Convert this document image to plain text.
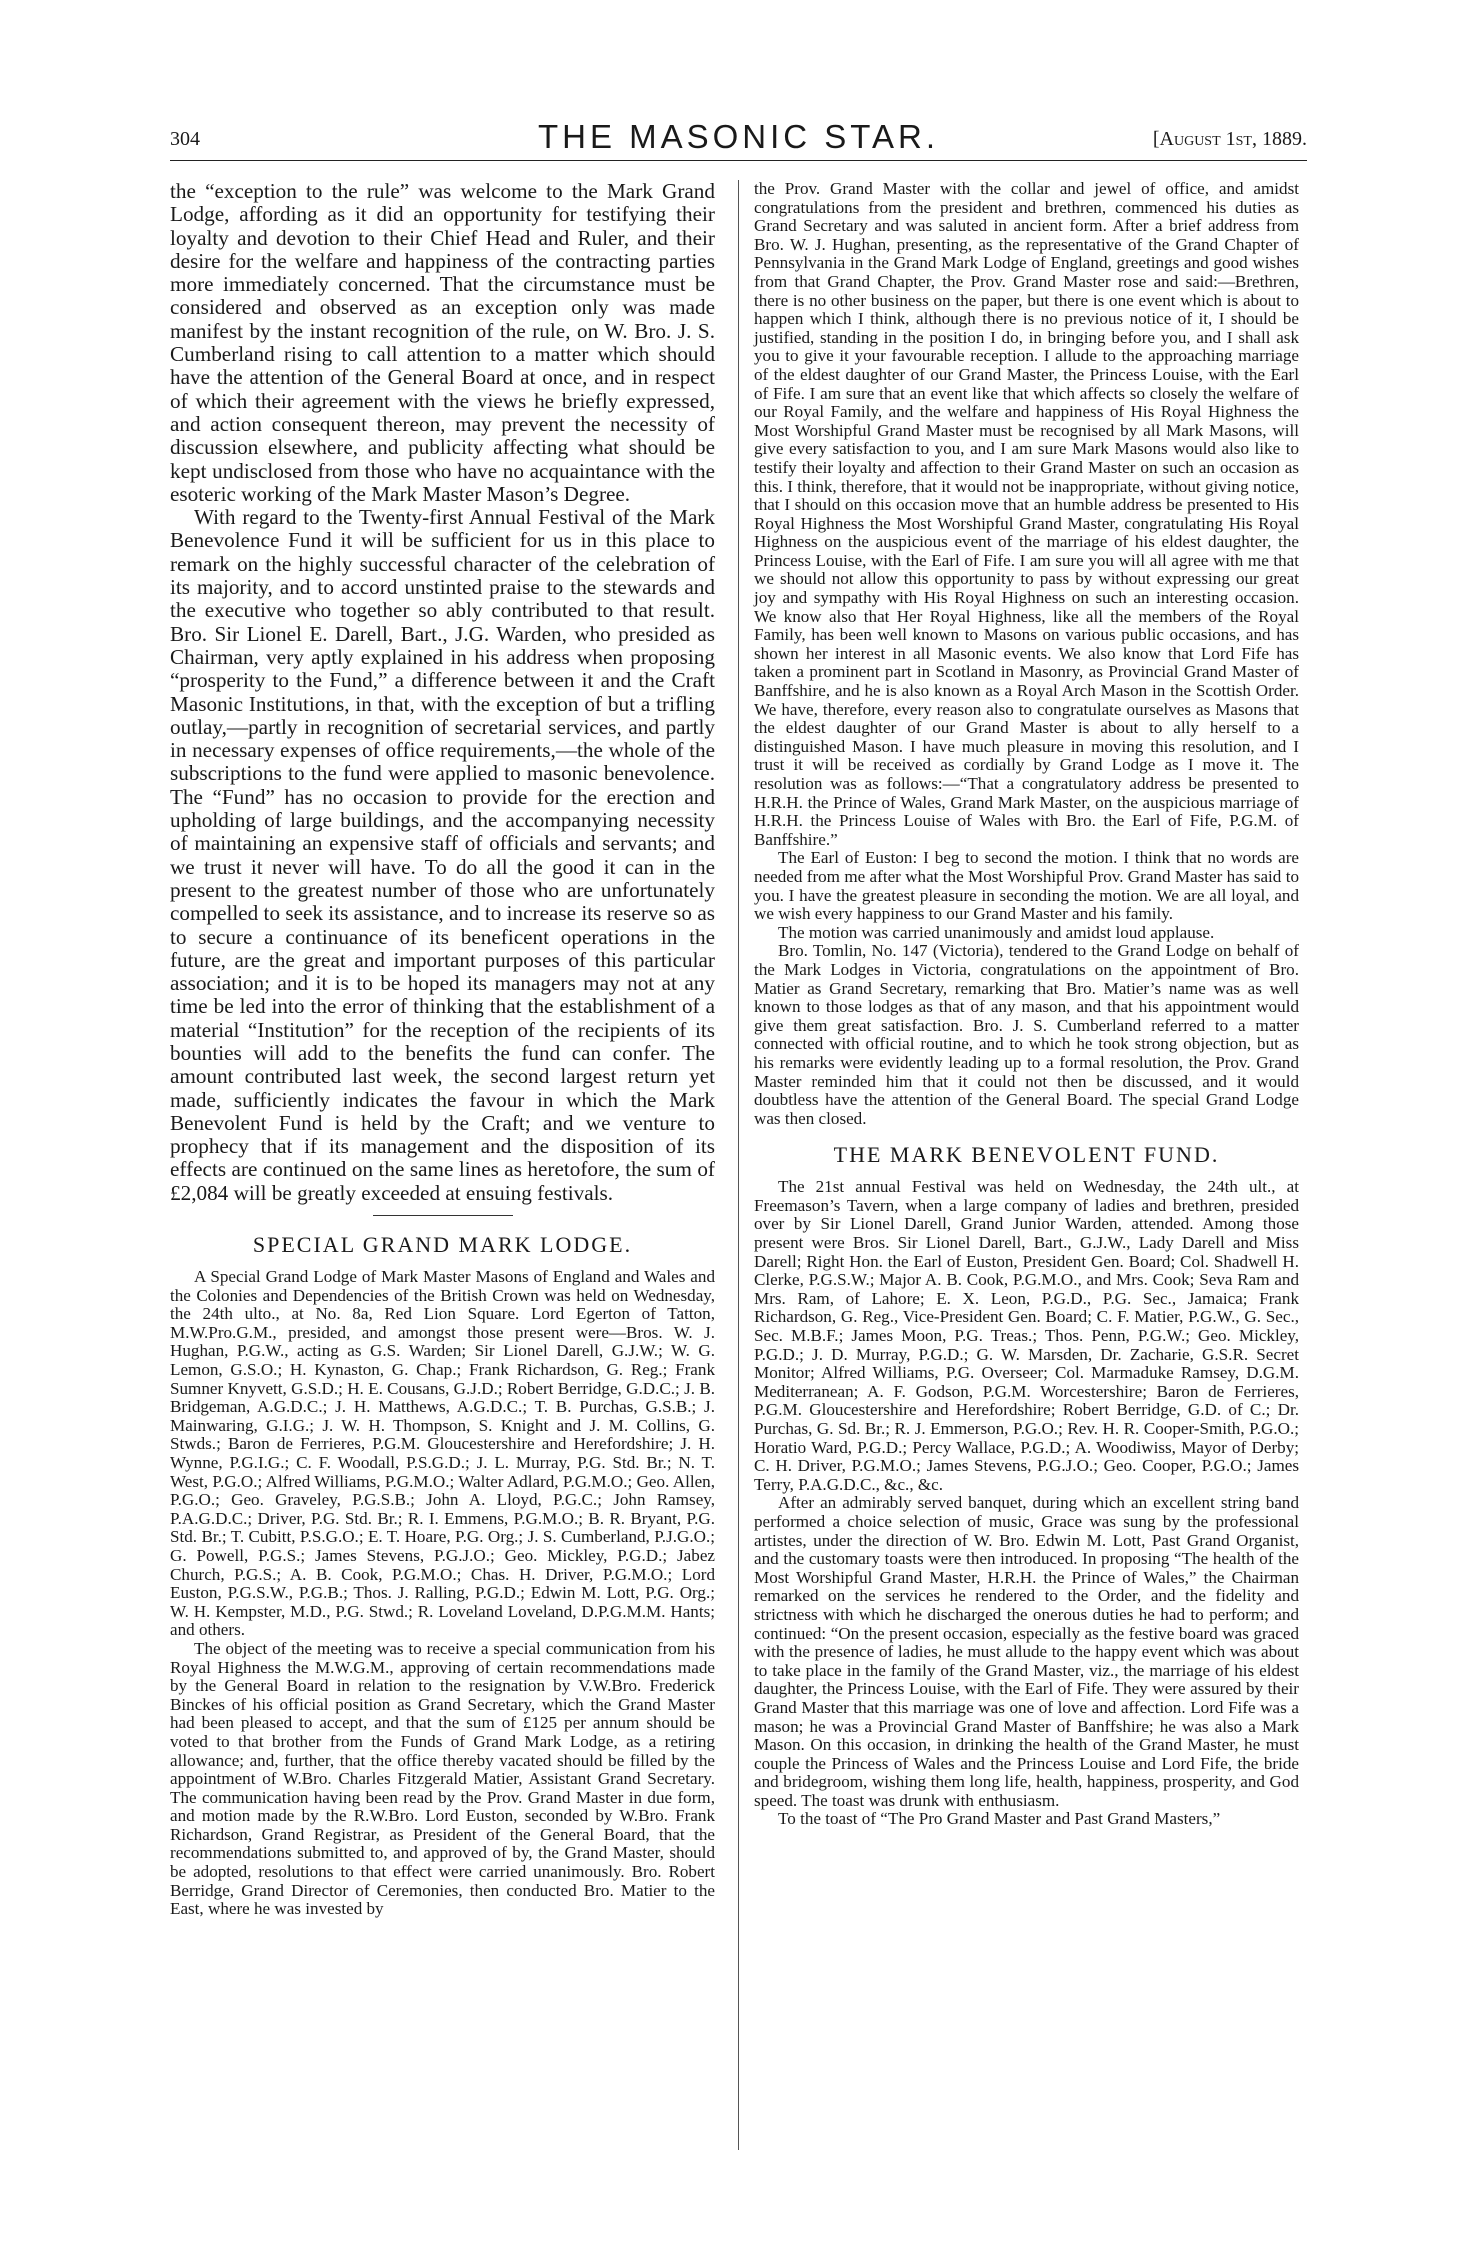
304	THE MASONIC STAR.	[August 1st, 1889.

the “exception to the rule” was welcome to the Mark Grand Lodge, affording as it did an opportunity for testifying their loyalty and devotion to their Chief Head and Ruler, and their desire for the welfare and happiness of the contracting parties more immediately concerned. That the circumstance must be considered and observed as an exception only was made manifest by the instant recognition of the rule, on W. Bro. J. S. Cumberland rising to call attention to a matter which should have the attention of the General Board at once, and in respect of which their agreement with the views he briefly expressed, and action consequent thereon, may prevent the necessity of discussion elsewhere, and publicity affecting what should be kept undisclosed from those who have no acquaintance with the esoteric working of the Mark Master Mason’s Degree.

With regard to the Twenty-first Annual Festival of the Mark Benevolence Fund it will be sufficient for us in this place to remark on the highly successful character of the celebration of its majority, and to accord unstinted praise to the stewards and the executive who together so ably contributed to that result. Bro. Sir Lionel E. Darell, Bart., J.G. Warden, who presided as Chairman, very aptly explained in his address when proposing “prosperity to the Fund,” a difference between it and the Craft Masonic Institutions, in that, with the exception of but a trifling outlay,—partly in recognition of secretarial services, and partly in necessary expenses of office requirements,—the whole of the subscriptions to the fund were applied to masonic benevolence. The “Fund” has no occasion to provide for the erection and upholding of large buildings, and the accompanying necessity of maintaining an expensive staff of officials and servants; and we trust it never will have. To do all the good it can in the present to the greatest number of those who are unfortunately compelled to seek its assistance, and to increase its reserve so as to secure a continuance of its beneficent operations in the future, are the great and important purposes of this particular association; and it is to be hoped its managers may not at any time be led into the error of thinking that the establishment of a material “Institution” for the reception of the recipients of its bounties will add to the benefits the fund can confer. The amount contributed last week, the second largest return yet made, sufficiently indicates the favour in which the Mark Benevolent Fund is held by the Craft; and we venture to prophecy that if its management and the disposition of its effects are continued on the same lines as heretofore, the sum of £2,084 will be greatly exceeded at ensuing festivals.

SPECIAL GRAND MARK LODGE.

A Special Grand Lodge of Mark Master Masons of England and Wales and the Colonies and Dependencies of the British Crown was held on Wednesday, the 24th ulto., at No. 8a, Red Lion Square. Lord Egerton of Tatton, M.W.Pro.G.M., presided, and amongst those present were—Bros. W. J. Hughan, P.G.W., acting as G.S. Warden; Sir Lionel Darell, G.J.W.; W. G. Lemon, G.S.O.; H. Kynaston, G. Chap.; Frank Richardson, G. Reg.; Frank Sumner Knyvett, G.S.D.; H. E. Cousans, G.J.D.; Robert Berridge, G.D.C.; J. B. Bridgeman, A.G.D.C.; J. H. Matthews, A.G.D.C.; T. B. Purchas, G.S.B.; J. Mainwaring, G.I.G.; J. W. H. Thompson, S. Knight and J. M. Collins, G. Stwds.; Baron de Ferrieres, P.G.M. Gloucestershire and Herefordshire; J. H. Wynne, P.G.I.G.; C. F. Woodall, P.S.G.D.; J. L. Murray, P.G. Std. Br.; N. T. West, P.G.O.; Alfred Williams, P.G.M.O.; Walter Adlard, P.G.M.O.; Geo. Allen, P.G.O.; Geo. Graveley, P.G.S.B.; John A. Lloyd, P.G.C.; John Ramsey, P.A.G.D.C.; Driver, P.G. Std. Br.; R. I. Emmens, P.G.M.O.; B. R. Bryant, P.G. Std. Br.; T. Cubitt, P.S.G.O.; E. T. Hoare, P.G. Org.; J. S. Cumberland, P.J.G.O.; G. Powell, P.G.S.; James Stevens, P.G.J.O.; Geo. Mickley, P.G.D.; Jabez Church, P.G.S.; A. B. Cook, P.G.M.O.; Chas. H. Driver, P.G.M.O.; Lord Euston, P.G.S.W., P.G.B.; Thos. J. Ralling, P.G.D.; Edwin M. Lott, P.G. Org.; W. H. Kempster, M.D., P.G. Stwd.; R. Loveland Loveland, D.P.G.M.M. Hants; and others.

The object of the meeting was to receive a special communication from his Royal Highness the M.W.G.M., approving of certain recommendations made by the General Board in relation to the resignation by V.W.Bro. Frederick Binckes of his official position as Grand Secretary, which the Grand Master had been pleased to accept, and that the sum of £125 per annum should be voted to that brother from the Funds of Grand Mark Lodge, as a retiring allowance; and, further, that the office thereby vacated should be filled by the appointment of W.Bro. Charles Fitzgerald Matier, Assistant Grand Secretary. The communication having been read by the Prov. Grand Master in due form, and motion made by the R.W.Bro. Lord Euston, seconded by W.Bro. Frank Richardson, Grand Registrar, as President of the General Board, that the recommendations submitted to, and approved of by, the Grand Master, should be adopted, resolutions to that effect were carried unanimously. Bro. Robert Berridge, Grand Director of Ceremonies, then conducted Bro. Matier to the East, where he was invested by

the Prov. Grand Master with the collar and jewel of office, and amidst congratulations from the president and brethren, commenced his duties as Grand Secretary and was saluted in ancient form. After a brief address from Bro. W. J. Hughan, presenting, as the representative of the Grand Chapter of Pennsylvania in the Grand Mark Lodge of England, greetings and good wishes from that Grand Chapter, the Prov. Grand Master rose and said:—Brethren, there is no other business on the paper, but there is one event which is about to happen which I think, although there is no previous notice of it, I should be justified, standing in the position I do, in bringing before you, and I shall ask you to give it your favourable reception. I allude to the approaching marriage of the eldest daughter of our Grand Master, the Princess Louise, with the Earl of Fife. I am sure that an event like that which affects so closely the welfare of our Royal Family, and the welfare and happiness of His Royal Highness the Most Worshipful Grand Master must be recognised by all Mark Masons, will give every satisfaction to you, and I am sure Mark Masons would also like to testify their loyalty and affection to their Grand Master on such an occasion as this. I think, therefore, that it would not be inappropriate, without giving notice, that I should on this occasion move that an humble address be presented to His Royal Highness the Most Worshipful Grand Master, congratulating His Royal Highness on the auspicious event of the marriage of his eldest daughter, the Princess Louise, with the Earl of Fife. I am sure you will all agree with me that we should not allow this opportunity to pass by without expressing our great joy and sympathy with His Royal Highness on such an interesting occasion. We know also that Her Royal Highness, like all the members of the Royal Family, has been well known to Masons on various public occasions, and has shown her interest in all Masonic events. We also know that Lord Fife has taken a prominent part in Scotland in Masonry, as Provincial Grand Master of Banffshire, and he is also known as a Royal Arch Mason in the Scottish Order. We have, therefore, every reason also to congratulate ourselves as Masons that the eldest daughter of our Grand Master is about to ally herself to a distinguished Mason. I have much pleasure in moving this resolution, and I trust it will be received as cordially by Grand Lodge as I move it. The resolution was as follows:—“That a congratulatory address be presented to H.R.H. the Prince of Wales, Grand Mark Master, on the auspicious marriage of H.R.H. the Princess Louise of Wales with Bro. the Earl of Fife, P.G.M. of Banffshire.”

The Earl of Euston: I beg to second the motion. I think that no words are needed from me after what the Most Worshipful Prov. Grand Master has said to you. I have the greatest pleasure in seconding the motion. We are all loyal, and we wish every happiness to our Grand Master and his family.

The motion was carried unanimously and amidst loud applause.

Bro. Tomlin, No. 147 (Victoria), tendered to the Grand Lodge on behalf of the Mark Lodges in Victoria, congratulations on the appointment of Bro. Matier as Grand Secretary, remarking that Bro. Matier’s name was as well known to those lodges as that of any mason, and that his appointment would give them great satisfaction. Bro. J. S. Cumberland referred to a matter connected with official routine, and to which he took strong objection, but as his remarks were evidently leading up to a formal resolution, the Prov. Grand Master reminded him that it could not then be discussed, and it would doubtless have the attention of the General Board. The special Grand Lodge was then closed.

THE MARK BENEVOLENT FUND.

The 21st annual Festival was held on Wednesday, the 24th ult., at Freemason’s Tavern, when a large company of ladies and brethren, presided over by Sir Lionel Darell, Grand Junior Warden, attended. Among those present were Bros. Sir Lionel Darell, Bart., G.J.W., Lady Darell and Miss Darell; Right Hon. the Earl of Euston, President Gen. Board; Col. Shadwell H. Clerke, P.G.S.W.; Major A. B. Cook, P.G.M.O., and Mrs. Cook; Seva Ram and Mrs. Ram, of Lahore; E. X. Leon, P.G.D., P.G. Sec., Jamaica; Frank Richardson, G. Reg., Vice-President Gen. Board; C. F. Matier, P.G.W., G. Sec., Sec. M.B.F.; James Moon, P.G. Treas.; Thos. Penn, P.G.W.; Geo. Mickley, P.G.D.; J. D. Murray, P.G.D.; G. W. Marsden, Dr. Zacharie, G.S.R. Secret Monitor; Alfred Williams, P.G. Overseer; Col. Marmaduke Ramsey, D.G.M. Mediterranean; A. F. Godson, P.G.M. Worcestershire; Baron de Ferrieres, P.G.M. Gloucestershire and Herefordshire; Robert Berridge, G.D. of C.; Dr. Purchas, G. Sd. Br.; R. J. Emmerson, P.G.O.; Rev. H. R. Cooper-Smith, P.G.O.; Horatio Ward, P.G.D.; Percy Wallace, P.G.D.; A. Woodiwiss, Mayor of Derby; C. H. Driver, P.G.M.O.; James Stevens, P.G.J.O.; Geo. Cooper, P.G.O.; James Terry, P.A.G.D.C., &c., &c.

After an admirably served banquet, during which an excellent string band performed a choice selection of music, Grace was sung by the professional artistes, under the direction of W. Bro. Edwin M. Lott, Past Grand Organist, and the customary toasts were then introduced. In proposing “The health of the Most Worshipful Grand Master, H.R.H. the Prince of Wales,” the Chairman remarked on the services he rendered to the Order, and the fidelity and strictness with which he discharged the onerous duties he had to perform; and continued: “On the present occasion, especially as the festive board was graced with the presence of ladies, he must allude to the happy event which was about to take place in the family of the Grand Master, viz., the marriage of his eldest daughter, the Princess Louise, with the Earl of Fife. They were assured by their Grand Master that this marriage was one of love and affection. Lord Fife was a mason; he was a Provincial Grand Master of Banffshire; he was also a Mark Mason. On this occasion, in drinking the health of the Grand Master, he must couple the Princess of Wales and the Princess Louise and Lord Fife, the bride and bridegroom, wishing them long life, health, happiness, prosperity, and God speed. The toast was drunk with enthusiasm.

To the toast of “The Pro Grand Master and Past Grand Masters,”
